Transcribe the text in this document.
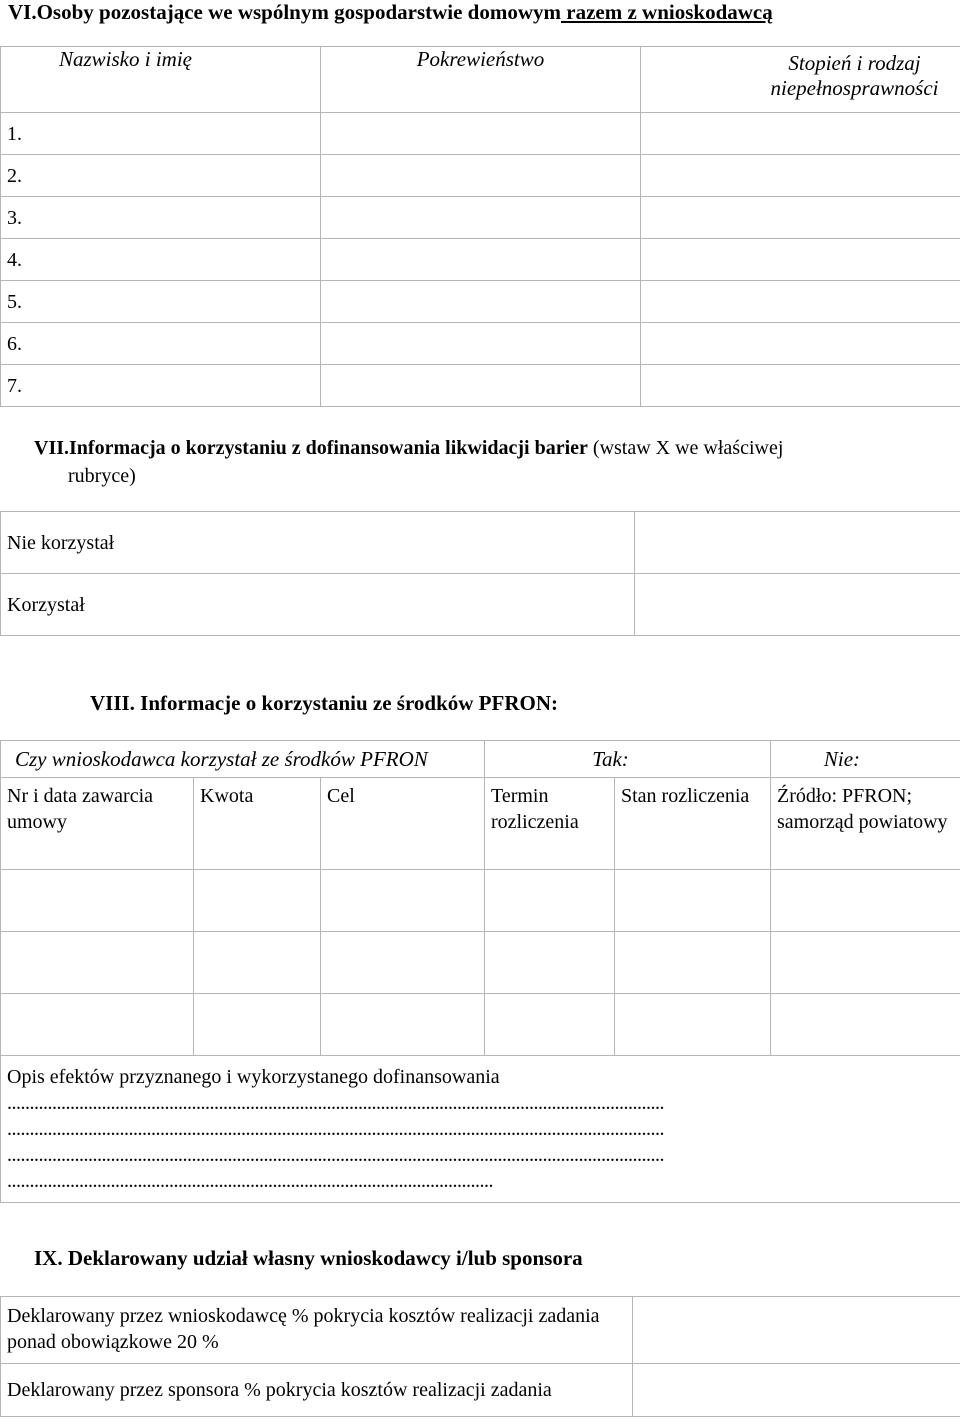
VI.Osoby pozostające we wspólnym gospodarstwie domowym razem z wnioskodawcą
Nazwisko i imię	Pokrewieństwo	Stopień i rodzaj niepełnosprawności
1.		
2.		
3.		
4.		
5.		
6.		
7.		
VII.Informacja o korzystaniu z dofinansowania likwidacji barier (wstaw X we właściwej
rubryce)
Nie korzystał	
Korzystał	
VIII. Informacje o korzystaniu ze środków PFRON:
Czy wnioskodawca korzystał ze środków PFRON			Tak:		Nie:
Nr i data zawarcia umowy	Kwota	Cel	Termin rozliczenia	Stan rozliczenia	Źródło: PFRON; samorząd powiatowy

Opis efektów przyznanego i wykorzystanego dofinansowania
..................................................................................................................................................
..................................................................................................................................................
..................................................................................................................................................
............................................................................................................					
IX. Deklarowany udział własny wnioskodawcy i/lub sponsora
Deklarowany przez wnioskodawcę % pokrycia kosztów realizacji zadania ponad obowiązkowe 20 %	
Deklarowany przez sponsora % pokrycia kosztów realizacji zadania	
